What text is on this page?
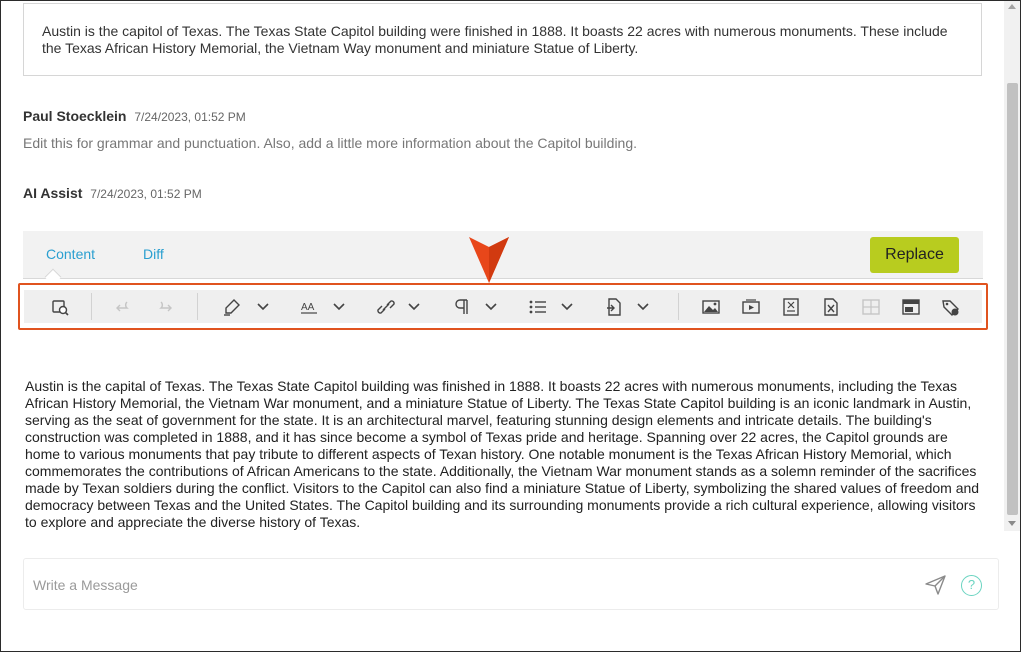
Austin is the capitol of Texas. The Texas State Capitol building were finished in 1888. It boasts 22 acres with numerous monuments. These include the Texas African History Memorial, the Vietnam Way monument and miniature Statue of Liberty.
Paul Stoecklein 7/24/2023, 01:52 PM
Edit this for grammar and punctuation. Also, add a little more information about the Capitol building.
AI Assist 7/24/2023, 01:52 PM
Content	Diff	Replace
AA
Austin is the capital of Texas. The Texas State Capitol building was finished in 1888. It boasts 22 acres with numerous monuments, including the Texas African History Memorial, the Vietnam War monument, and a miniature Statue of Liberty. The Texas State Capitol building is an iconic landmark in Austin, serving as the seat of government for the state. It is an architectural marvel, featuring stunning design elements and intricate details. The building's construction was completed in 1888, and it has since become a symbol of Texas pride and heritage. Spanning over 22 acres, the Capitol grounds are home to various monuments that pay tribute to different aspects of Texan history. One notable monument is the Texas African History Memorial, which commemorates the contributions of African Americans to the state. Additionally, the Vietnam War monument stands as a solemn reminder of the sacrifices made by Texan soldiers during the conflict. Visitors to the Capitol can also find a miniature Statue of Liberty, symbolizing the shared values of freedom and democracy between Texas and the United States. The Capitol building and its surrounding monuments provide a rich cultural experience, allowing visitors to explore and appreciate the diverse history of Texas.
Write a Message
?
